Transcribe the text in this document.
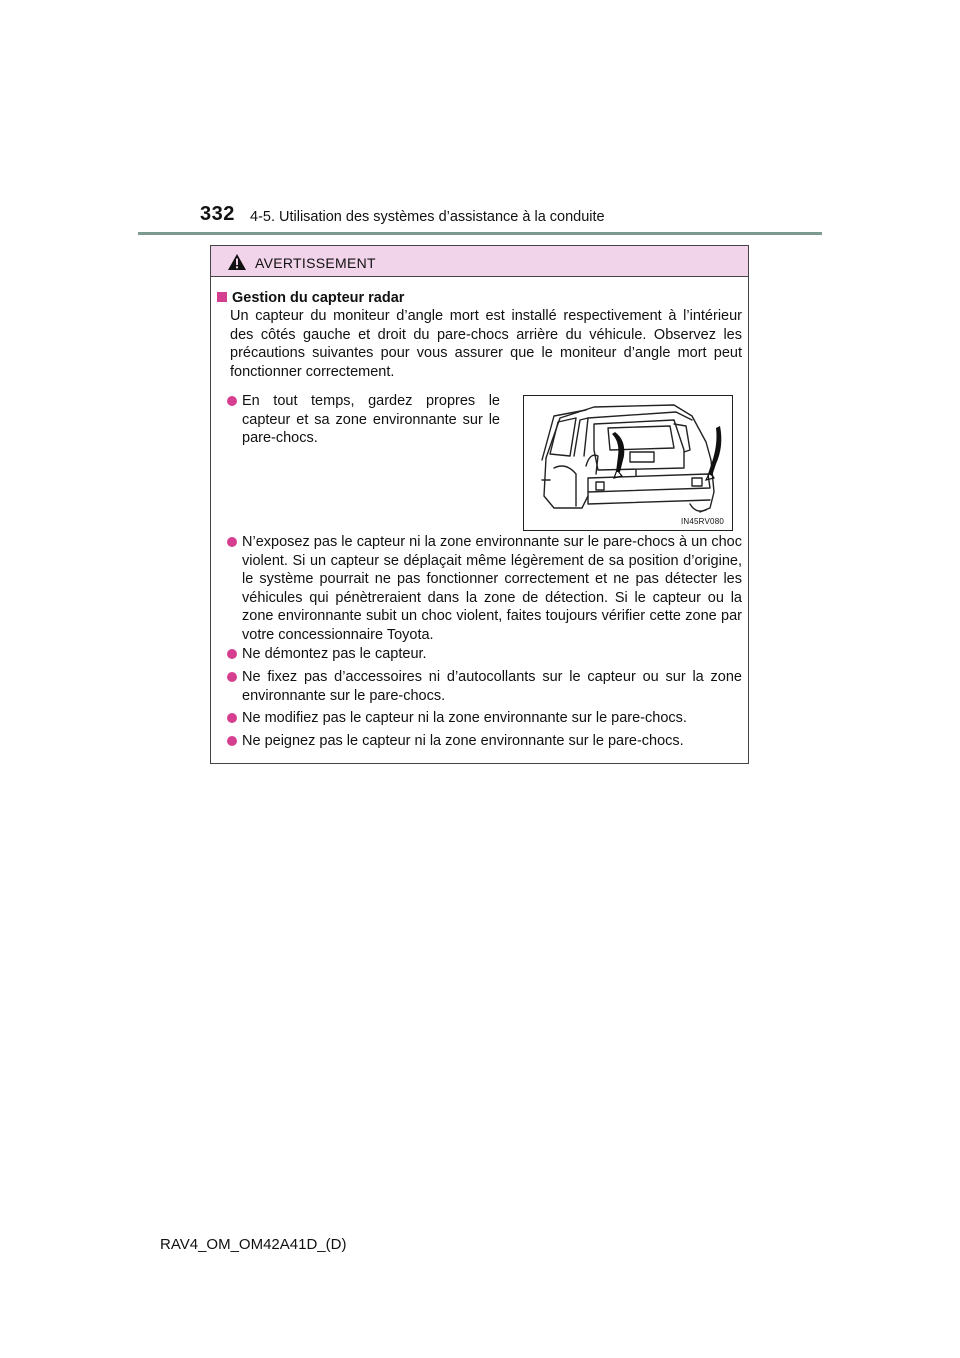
332 4-5. Utilisation des systèmes d’assistance à la conduite
AVERTISSEMENT
Gestion du capteur radar
Un capteur du moniteur d’angle mort est installé respectivement à l’intérieur des côtés gauche et droit du pare-chocs arrière du véhicule. Observez les précautions suivantes pour vous assurer que le moniteur d’angle mort peut fonctionner correctement.
En tout temps, gardez propres le capteur et sa zone environnante sur le pare-chocs.
IN45RV080
N’exposez pas le capteur ni la zone environnante sur le pare-chocs à un choc violent. Si un capteur se déplaçait même légèrement de sa position d’origine, le système pourrait ne pas fonctionner correctement et ne pas détecter les véhicules qui pénètreraient dans la zone de détection. Si le capteur ou la zone environnante subit un choc violent, faites toujours vérifier cette zone par votre concessionnaire Toyota.
Ne démontez pas le capteur.
Ne fixez pas d’accessoires ni d’autocollants sur le capteur ou sur la zone environnante sur le pare-chocs.
Ne modifiez pas le capteur ni la zone environnante sur le pare-chocs.
Ne peignez pas le capteur ni la zone environnante sur le pare-chocs.
RAV4_OM_OM42A41D_(D)
